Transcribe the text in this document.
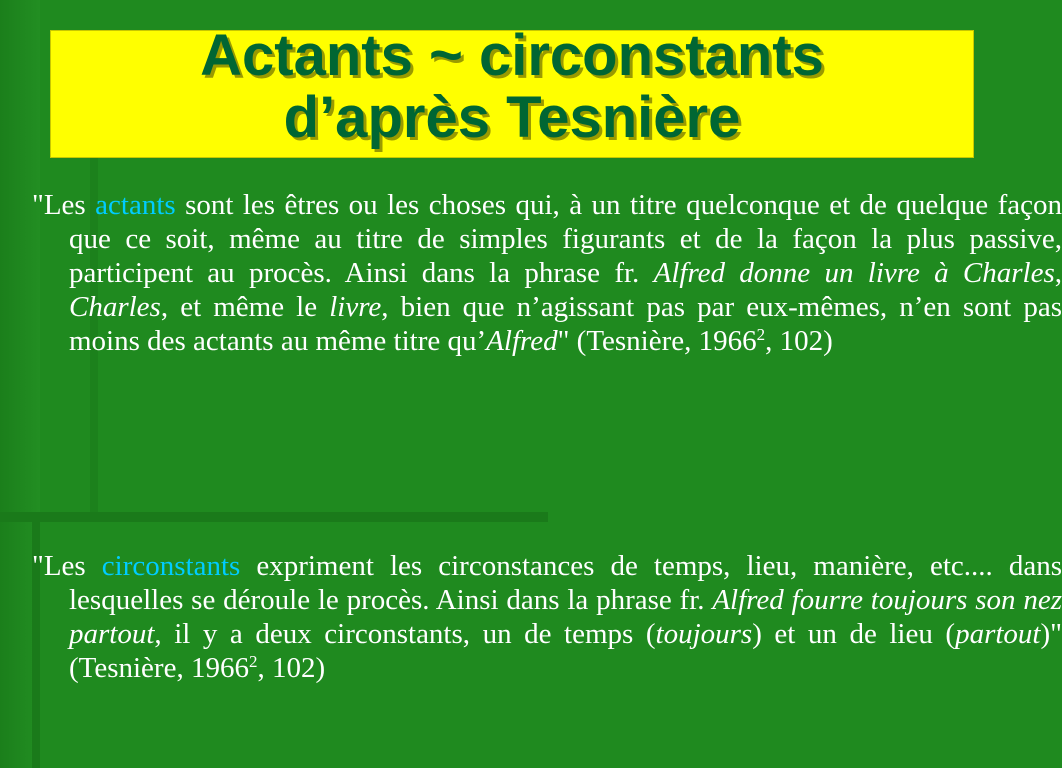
Actants ~ circonstants
d’après Tesnière

"Les actants sont les êtres ou les choses qui, à un titre quelconque et de quelque façon que ce soit, même au titre de simples figurants et de la façon la plus passive, participent au procès. Ainsi dans la phrase fr. Alfred donne un livre à Charles, Charles, et même le livre, bien que n’agissant pas par eux-mêmes, n’en sont pas moins des actants au même titre qu’Alfred" (Tesnière, 1966$^2$, 102)

"Les circonstants expriment les circonstances de temps, lieu, manière, etc.... dans lesquelles se déroule le procès. Ainsi dans la phrase fr. Alfred fourre toujours son nez partout, il y a deux circonstants, un de temps (toujours) et un de lieu (partout)" (Tesnière, 1966$^2$, 102)
